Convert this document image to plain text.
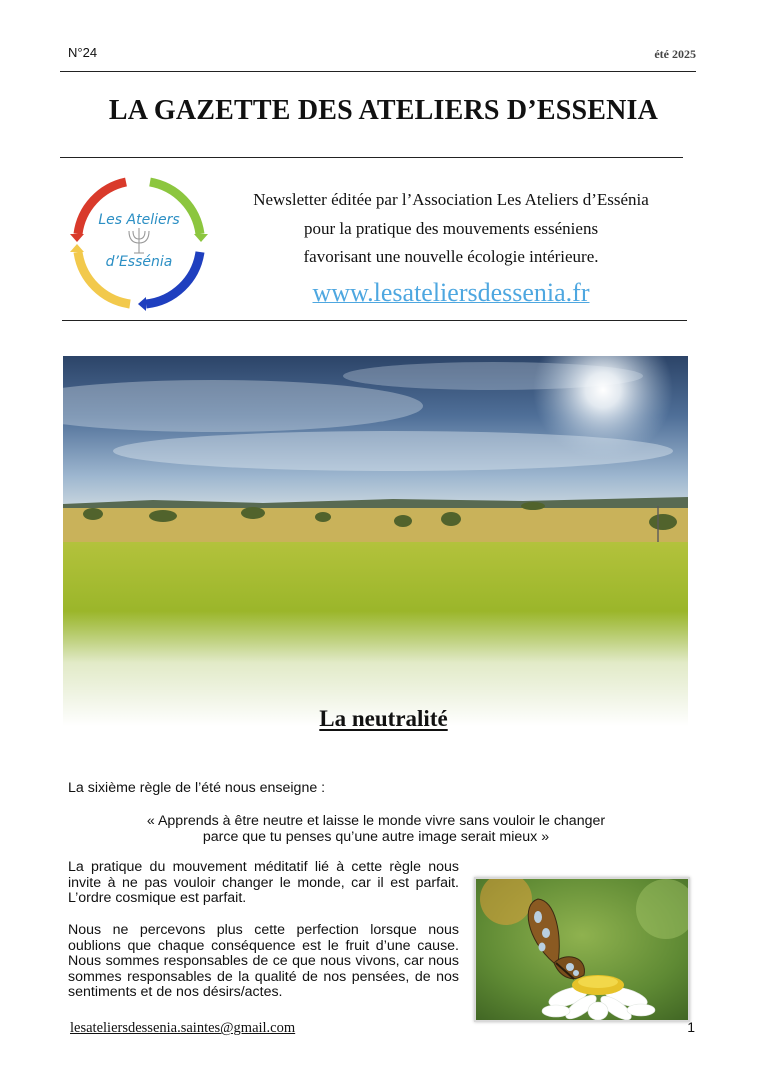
N°24	été 2025
LA GAZETTE DES ATELIERS D’ESSENIA
Les Ateliers
d’Essénia
Newsletter éditée par l’Association Les Ateliers d’Essénia
pour la pratique des mouvements esséniens
favorisant une nouvelle écologie intérieure.
www.lesateliersdessenia.fr
La neutralité
La sixième règle de l’été nous enseigne :
« Apprends à être neutre et laisse le monde vivre sans vouloir le changer
parce que tu penses qu’une autre image serait mieux »
La pratique du mouvement méditatif lié à cette règle nous invite à ne pas vouloir changer le monde, car il est parfait. L’ordre cosmique est parfait.
Nous ne percevons plus cette perfection lorsque nous oublions que chaque conséquence est le fruit d’une cause. Nous sommes responsables de ce que nous vivons, car nous sommes responsables de la qualité de nos pensées, de nos sentiments et de nos désirs/actes.
lesateliersdessenia.saintes@gmail.com	1
